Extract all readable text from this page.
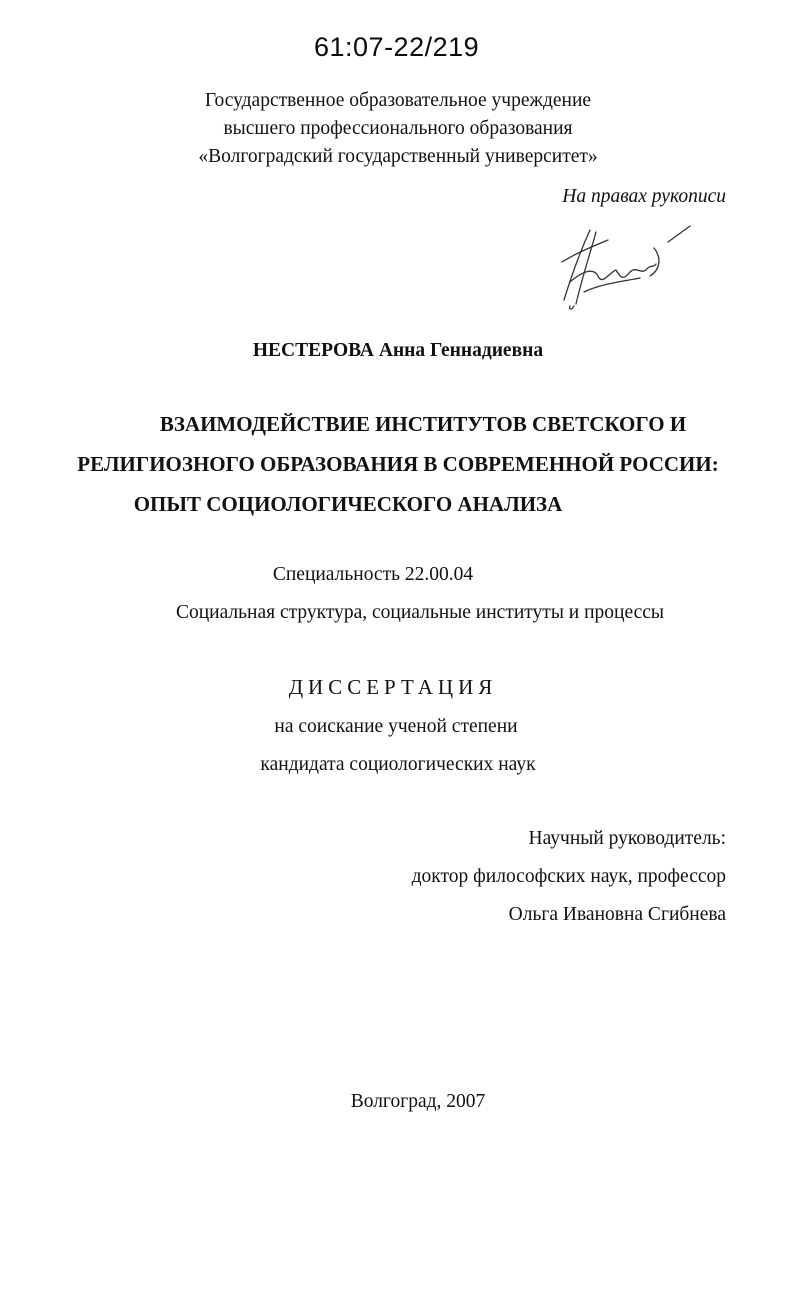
61:07-22/219
Государственное образовательное учреждение
высшего профессионального образования
«Волгоградский государственный университет»
На правах рукописи
НЕСТЕРОВА Анна Геннадиевна
ВЗАИМОДЕЙСТВИЕ ИНСТИТУТОВ СВЕТСКОГО И
РЕЛИГИОЗНОГО ОБРАЗОВАНИЯ В СОВРЕМЕННОЙ РОССИИ:
ОПЫТ СОЦИОЛОГИЧЕСКОГО АНАЛИЗА
Специальность 22.00.04
Социальная структура, социальные институты и процессы
ДИССЕРТАЦИЯ
на соискание ученой степени
кандидата социологических наук
Научный руководитель:
доктор философских наук, профессор
Ольга Ивановна Сгибнева
Волгоград, 2007
